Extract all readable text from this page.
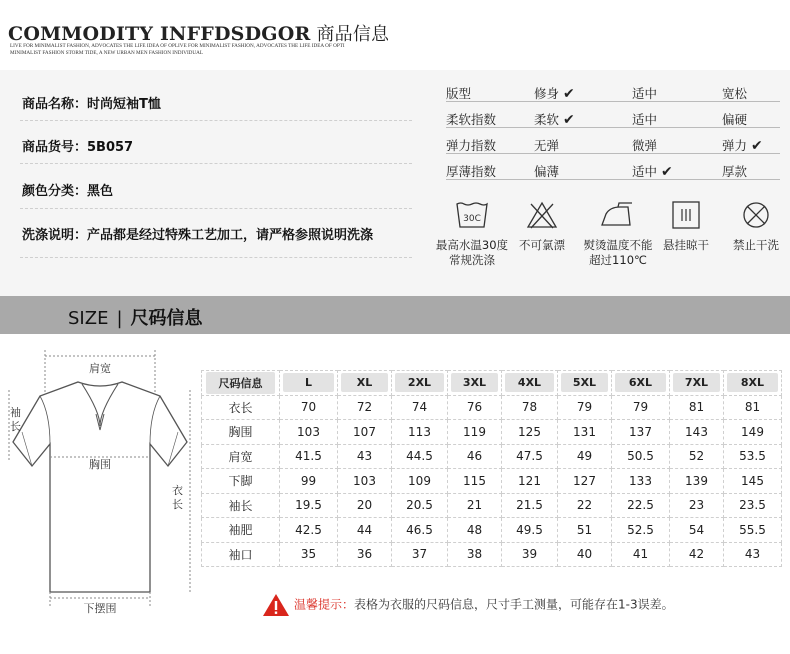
COMMODITY INFFDSDGOR 商品信息
LIVE FOR MINIMALIST FASHION, ADVOCATES THE LIFE IDEA OF OPLIVE FOR MINIMALIST FASHION, ADVOCATES THE LIFE IDEA OF OPTI MINIMALIST FASHION STORM TIDE, A NEW URBAN MEN FASHION INDIVIDUAL
商品名称：时尚短袖T恤
商品货号：5B057
颜色分类：黑色
洗涤说明：产品都是经过特殊工艺加工，请严格参照说明洗涤
版型	修身 ✔	适中	宽松
柔软指数	柔软 ✔	适中	偏硬
弹力指数	无弹	微弹	弹力 ✔
厚薄指数	偏薄	适中 ✔	厚款
30C
最高水温30度
常规洗涤
不可氯漂	熨烫温度不能
超过110℃
悬挂晾干	禁止干洗
SIZE | 尺码信息
肩宽
胸围
下摆围
袖长
衣长
尺码信息	L	XL	2XL	3XL	4XL	5XL	6XL	7XL	8XL
衣长	70	72	74	76	78	79	79	81	81
胸围	103	107	113	119	125	131	137	143	149
肩宽	41.5	43	44.5	46	47.5	49	50.5	52	53.5
下脚	99	103	109	115	121	127	133	139	145
袖长	19.5	20	20.5	21	21.5	22	22.5	23	23.5
袖肥	42.5	44	46.5	48	49.5	51	52.5	54	55.5
袖口	35	36	37	38	39	40	41	42	43
温馨提示：表格为衣服的尺码信息，尺寸手工测量，可能存在1-3误差。
